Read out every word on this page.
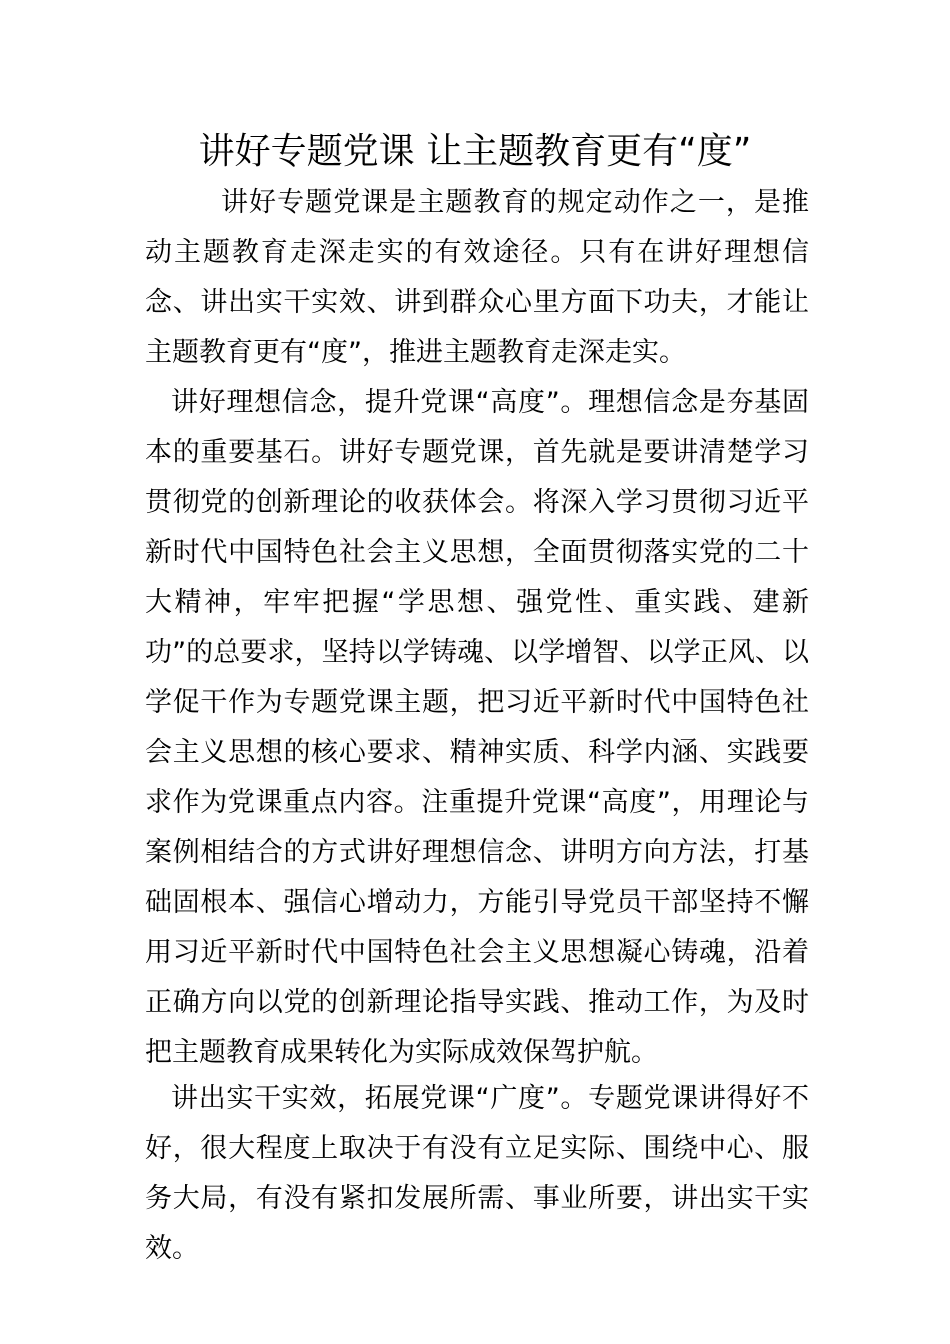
讲好专题党课 让主题教育更有“度”
讲好专题党课是主题教育的规定动作之一，是推动主题教育走深走实的有效途径。只有在讲好理想信念、讲出实干实效、讲到群众心里方面下功夫，才能让主题教育更有“度”，推进主题教育走深走实。
讲好理想信念，提升党课“高度”。理想信念是夯基固本的重要基石。讲好专题党课，首先就是要讲清楚学习贯彻党的创新理论的收获体会。将深入学习贯彻习近平新时代中国特色社会主义思想，全面贯彻落实党的二十大精神，牢牢把握“学思想、强党性、重实践、建新功”的总要求，坚持以学铸魂、以学增智、以学正风、以学促干作为专题党课主题，把习近平新时代中国特色社会主义思想的核心要求、精神实质、科学内涵、实践要求作为党课重点内容。注重提升党课“高度”，用理论与案例相结合的方式讲好理想信念、讲明方向方法，打基础固根本、强信心增动力，方能引导党员干部坚持不懈用习近平新时代中国特色社会主义思想凝心铸魂，沿着正确方向以党的创新理论指导实践、推动工作，为及时把主题教育成果转化为实际成效保驾护航。
讲出实干实效，拓展党课“广度”。专题党课讲得好不好，很大程度上取决于有没有立足实际、围绕中心、服务大局，有没有紧扣发展所需、事业所要，讲出实干实效。
